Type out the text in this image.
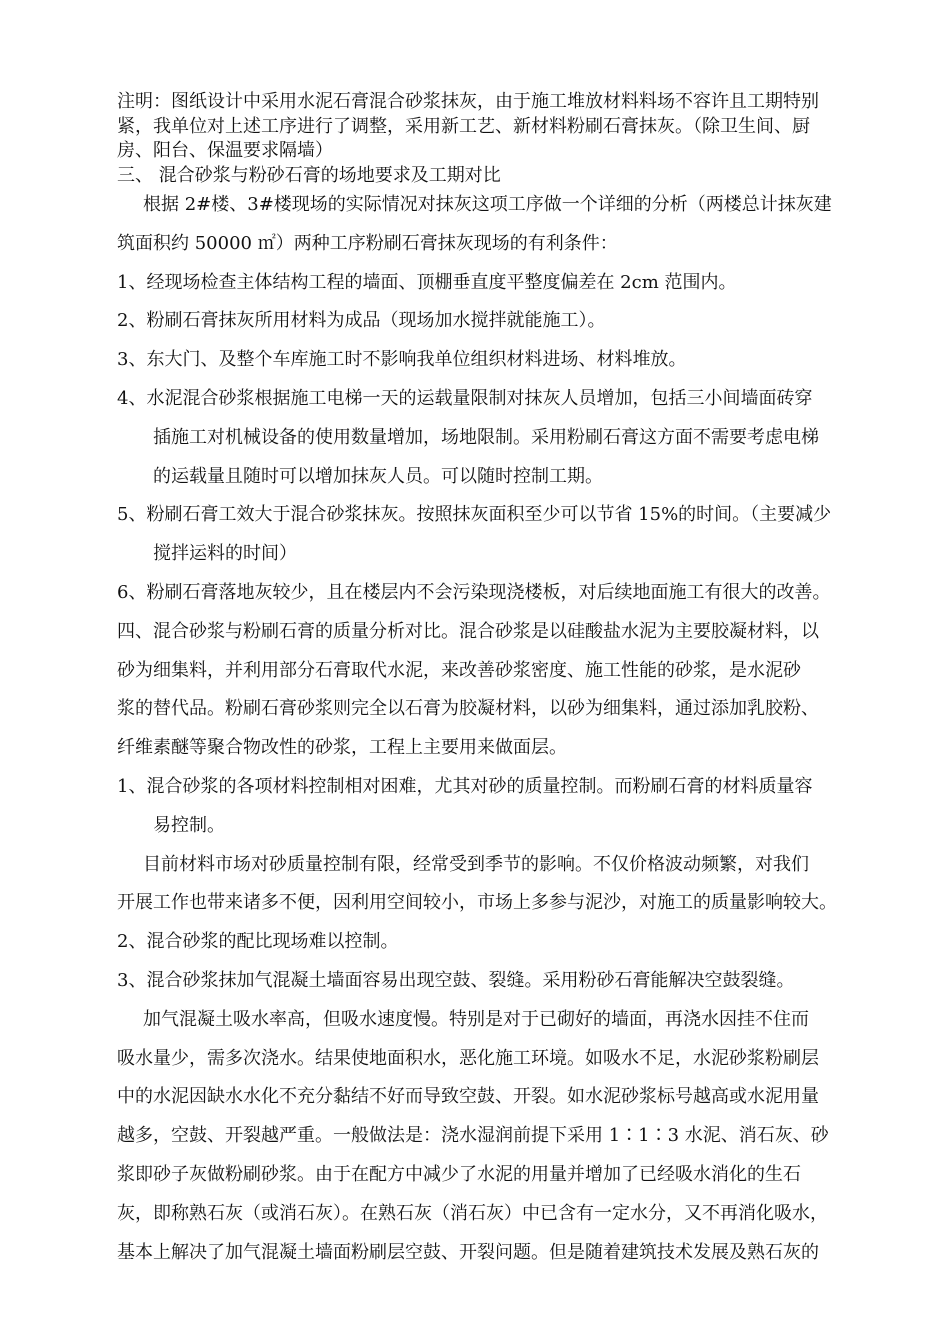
注明：图纸设计中采用水泥石膏混合砂浆抹灰，由于施工堆放材料料场不容许且工期特别

紧，我单位对上述工序进行了调整，采用新工艺、新材料粉刷石膏抹灰。（除卫生间、厨

房、阳台、保温要求隔墙）

三、 混合砂浆与粉砂石膏的场地要求及工期对比

根据 2#楼、3#楼现场的实际情况对抹灰这项工序做一个详细的分析（两楼总计抹灰建

筑面积约 50000 ㎡）两种工序粉刷石膏抹灰现场的有利条件：

1、经现场检查主体结构工程的墙面、顶棚垂直度平整度偏差在 2cm 范围内。

2、粉刷石膏抹灰所用材料为成品（现场加水搅拌就能施工）。

3、东大门、及整个车库施工时不影响我单位组织材料进场、材料堆放。

4、水泥混合砂浆根据施工电梯一天的运载量限制对抹灰人员增加，包括三小间墙面砖穿

插施工对机械设备的使用数量增加，场地限制。采用粉刷石膏这方面不需要考虑电梯

的运载量且随时可以增加抹灰人员。可以随时控制工期。

5、粉刷石膏工效大于混合砂浆抹灰。按照抹灰面积至少可以节省 15%的时间。（主要减少

搅拌运料的时间）

6、粉刷石膏落地灰较少，且在楼层内不会污染现浇楼板，对后续地面施工有很大的改善。

四、混合砂浆与粉刷石膏的质量分析对比。混合砂浆是以硅酸盐水泥为主要胶凝材料，以

砂为细集料，并利用部分石膏取代水泥，来改善砂浆密度、施工性能的砂浆，是水泥砂

浆的替代品。粉刷石膏砂浆则完全以石膏为胶凝材料，以砂为细集料，通过添加乳胶粉、

纤维素醚等聚合物改性的砂浆，工程上主要用来做面层。

1、混合砂浆的各项材料控制相对困难，尤其对砂的质量控制。而粉刷石膏的材料质量容

易控制。

目前材料市场对砂质量控制有限，经常受到季节的影响。不仅价格波动频繁，对我们

开展工作也带来诸多不便，因利用空间较小，市场上多参与泥沙，对施工的质量影响较大。

2、混合砂浆的配比现场难以控制。

3、混合砂浆抹加气混凝土墙面容易出现空鼓、裂缝。采用粉砂石膏能解决空鼓裂缝。

加气混凝土吸水率高，但吸水速度慢。特别是对于已砌好的墙面，再浇水因挂不住而

吸水量少，需多次浇水。结果使地面积水，恶化施工环境。如吸水不足，水泥砂浆粉刷层

中的水泥因缺水水化不充分黏结不好而导致空鼓、开裂。如水泥砂浆标号越高或水泥用量

越多，空鼓、开裂越严重。一般做法是：浇水湿润前提下采用 1∶1∶3 水泥、消石灰、砂

浆即砂子灰做粉刷砂浆。由于在配方中减少了水泥的用量并增加了已经吸水消化的生石

灰，即称熟石灰（或消石灰）。在熟石灰（消石灰）中已含有一定水分，又不再消化吸水，

基本上解决了加气混凝土墙面粉刷层空鼓、开裂问题。但是随着建筑技术发展及熟石灰的
